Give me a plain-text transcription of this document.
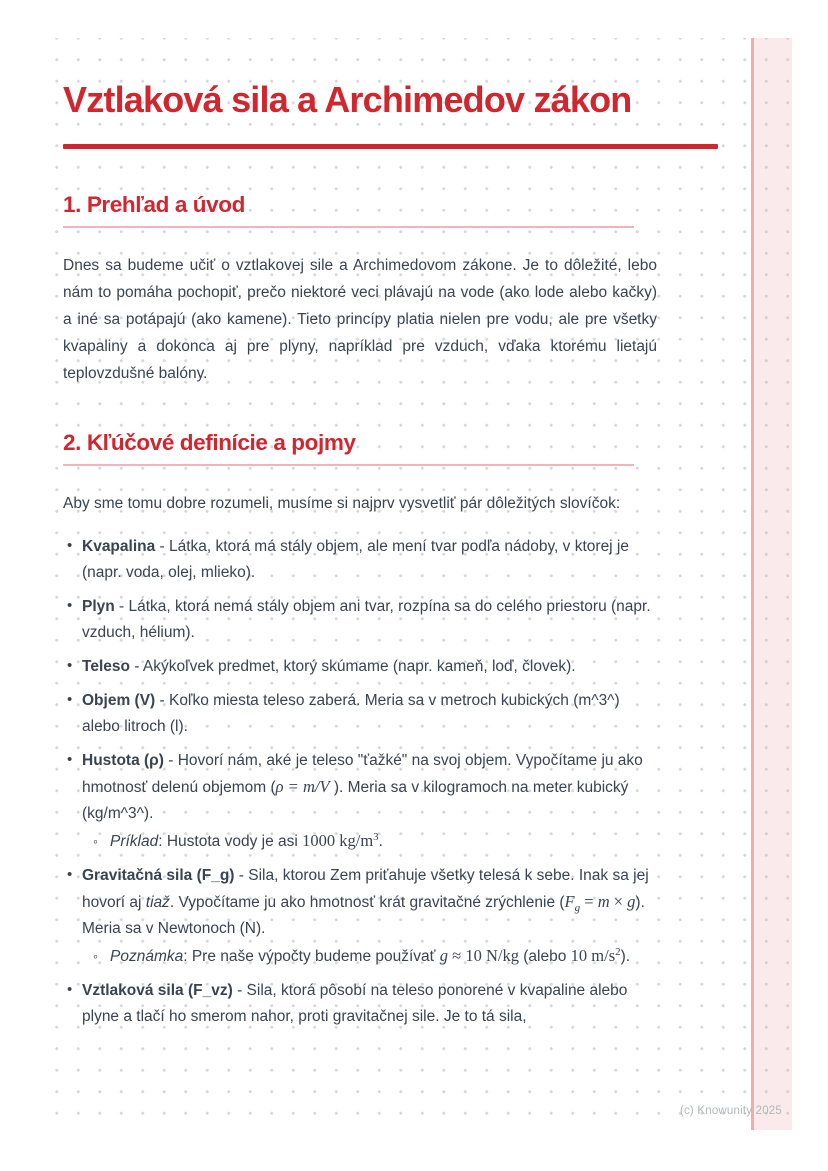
Vztlaková sila a Archimedov zákon
1. Prehľad a úvod

Dnes sa budeme učiť o vztlakovej sile a Archimedovom zákone. Je to dôležité, lebo nám to pomáha pochopiť, prečo niektoré veci plávajú na vode (ako lode alebo kačky) a iné sa potápajú (ako kamene). Tieto princípy platia nielen pre vodu, ale pre všetky kvapaliny a dokonca aj pre plyny, napríklad pre vzduch, vďaka ktorému lietajú teplovzdušné balóny.

2. Kľúčové definície a pojmy

Aby sme tomu dobre rozumeli, musíme si najprv vysvetliť pár dôležitých slovíčok:

• Kvapalina - Látka, ktorá má stály objem, ale mení tvar podľa nádoby, v ktorej je (napr. voda, olej, mlieko).
• Plyn - Látka, ktorá nemá stály objem ani tvar, rozpína sa do celého priestoru (napr. vzduch, hélium).
• Teleso - Akýkoľvek predmet, ktorý skúmame (napr. kameň, loď, človek).
• Objem (V) - Koľko miesta teleso zaberá. Meria sa v metroch kubických (m^3^) alebo litroch (l).
• Hustota (ρ) - Hovorí nám, aké je teleso "ťažké" na svoj objem. Vypočítame ju ako hmotnosť delenú objemom (ρ = m/V ). Meria sa v kilogramoch na meter kubický (kg/m^3^).
◦ Príklad: Hustota vody je asi 1000 $kg/m^3$.
• Gravitačná sila (F_g) - Sila, ktorou Zem priťahuje všetky telesá k sebe. Inak sa jej hovorí aj tiaž. Vypočítame ju ako hmotnosť krát gravitačné zrýchlenie $(F_g = m \times g)$. Meria sa v Newtonoch (N).
◦ Poznámka: Pre naše výpočty budeme používať g ≈ 10 N/kg (alebo 10 $m/s^2$).
• Vztlaková sila (F_vz) - Sila, ktorá pôsobí na teleso ponorené v kvapaline alebo plyne a tlačí ho smerom nahor, proti gravitačnej sile. Je to tá sila,
(c) Knowunity 2025
